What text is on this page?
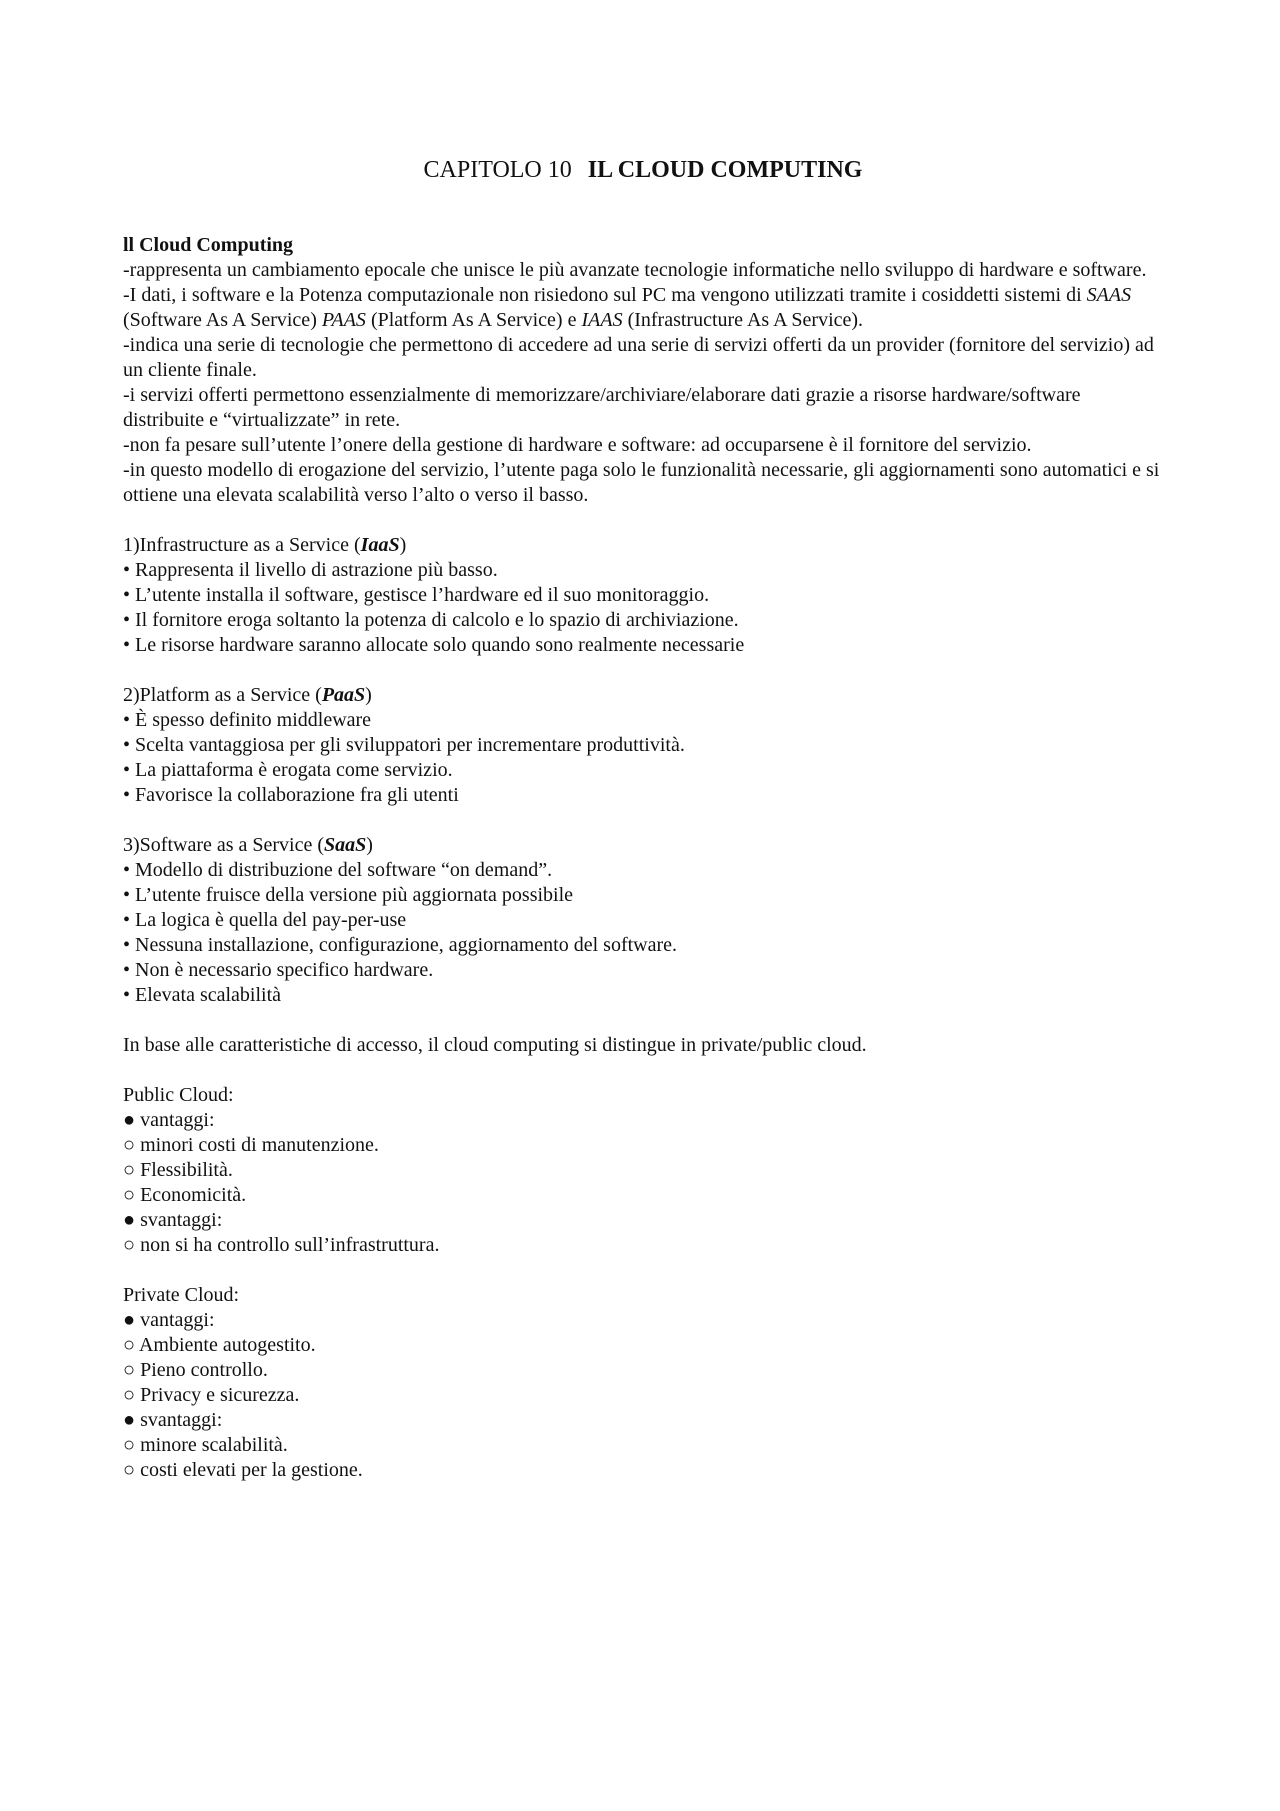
CAPITOLO 10 IL CLOUD COMPUTING
ll Cloud Computing
-rappresenta un cambiamento epocale che unisce le più avanzate tecnologie informatiche nello sviluppo di hardware e software.
-I dati, i software e la Potenza computazionale non risiedono sul PC ma vengono utilizzati tramite i cosiddetti sistemi di SAAS (Software As A Service) PAAS (Platform As A Service) e IAAS (Infrastructure As A Service).
-indica una serie di tecnologie che permettono di accedere ad una serie di servizi offerti da un provider (fornitore del servizio) ad un cliente finale.
-i servizi offerti permettono essenzialmente di memorizzare/archiviare/elaborare dati grazie a risorse hardware/software distribuite e “virtualizzate” in rete.
-non fa pesare sull’utente l’onere della gestione di hardware e software: ad occuparsene è il fornitore del servizio.
-in questo modello di erogazione del servizio, l’utente paga solo le funzionalità necessarie, gli aggiornamenti sono automatici e si ottiene una elevata scalabilità verso l’alto o verso il basso.
1)Infrastructure as a Service (IaaS)
• Rappresenta il livello di astrazione più basso.
• L’utente installa il software, gestisce l’hardware ed il suo monitoraggio.
• Il fornitore eroga soltanto la potenza di calcolo e lo spazio di archiviazione.
• Le risorse hardware saranno allocate solo quando sono realmente necessarie
2)Platform as a Service (PaaS)
• È spesso definito middleware
• Scelta vantaggiosa per gli sviluppatori per incrementare produttività.
• La piattaforma è erogata come servizio.
• Favorisce la collaborazione fra gli utenti
3)Software as a Service (SaaS)
• Modello di distribuzione del software “on demand”.
• L’utente fruisce della versione più aggiornata possibile
• La logica è quella del pay-per-use
• Nessuna installazione, configurazione, aggiornamento del software.
• Non è necessario specifico hardware.
• Elevata scalabilità
In base alle caratteristiche di accesso, il cloud computing si distingue in private/public cloud.
Public Cloud:
● vantaggi:
○ minori costi di manutenzione.
○ Flessibilità.
○ Economicità.
● svantaggi:
○ non si ha controllo sull’infrastruttura.
Private Cloud:
● vantaggi:
○ Ambiente autogestito.
○ Pieno controllo.
○ Privacy e sicurezza.
● svantaggi:
○ minore scalabilità.
○ costi elevati per la gestione.
